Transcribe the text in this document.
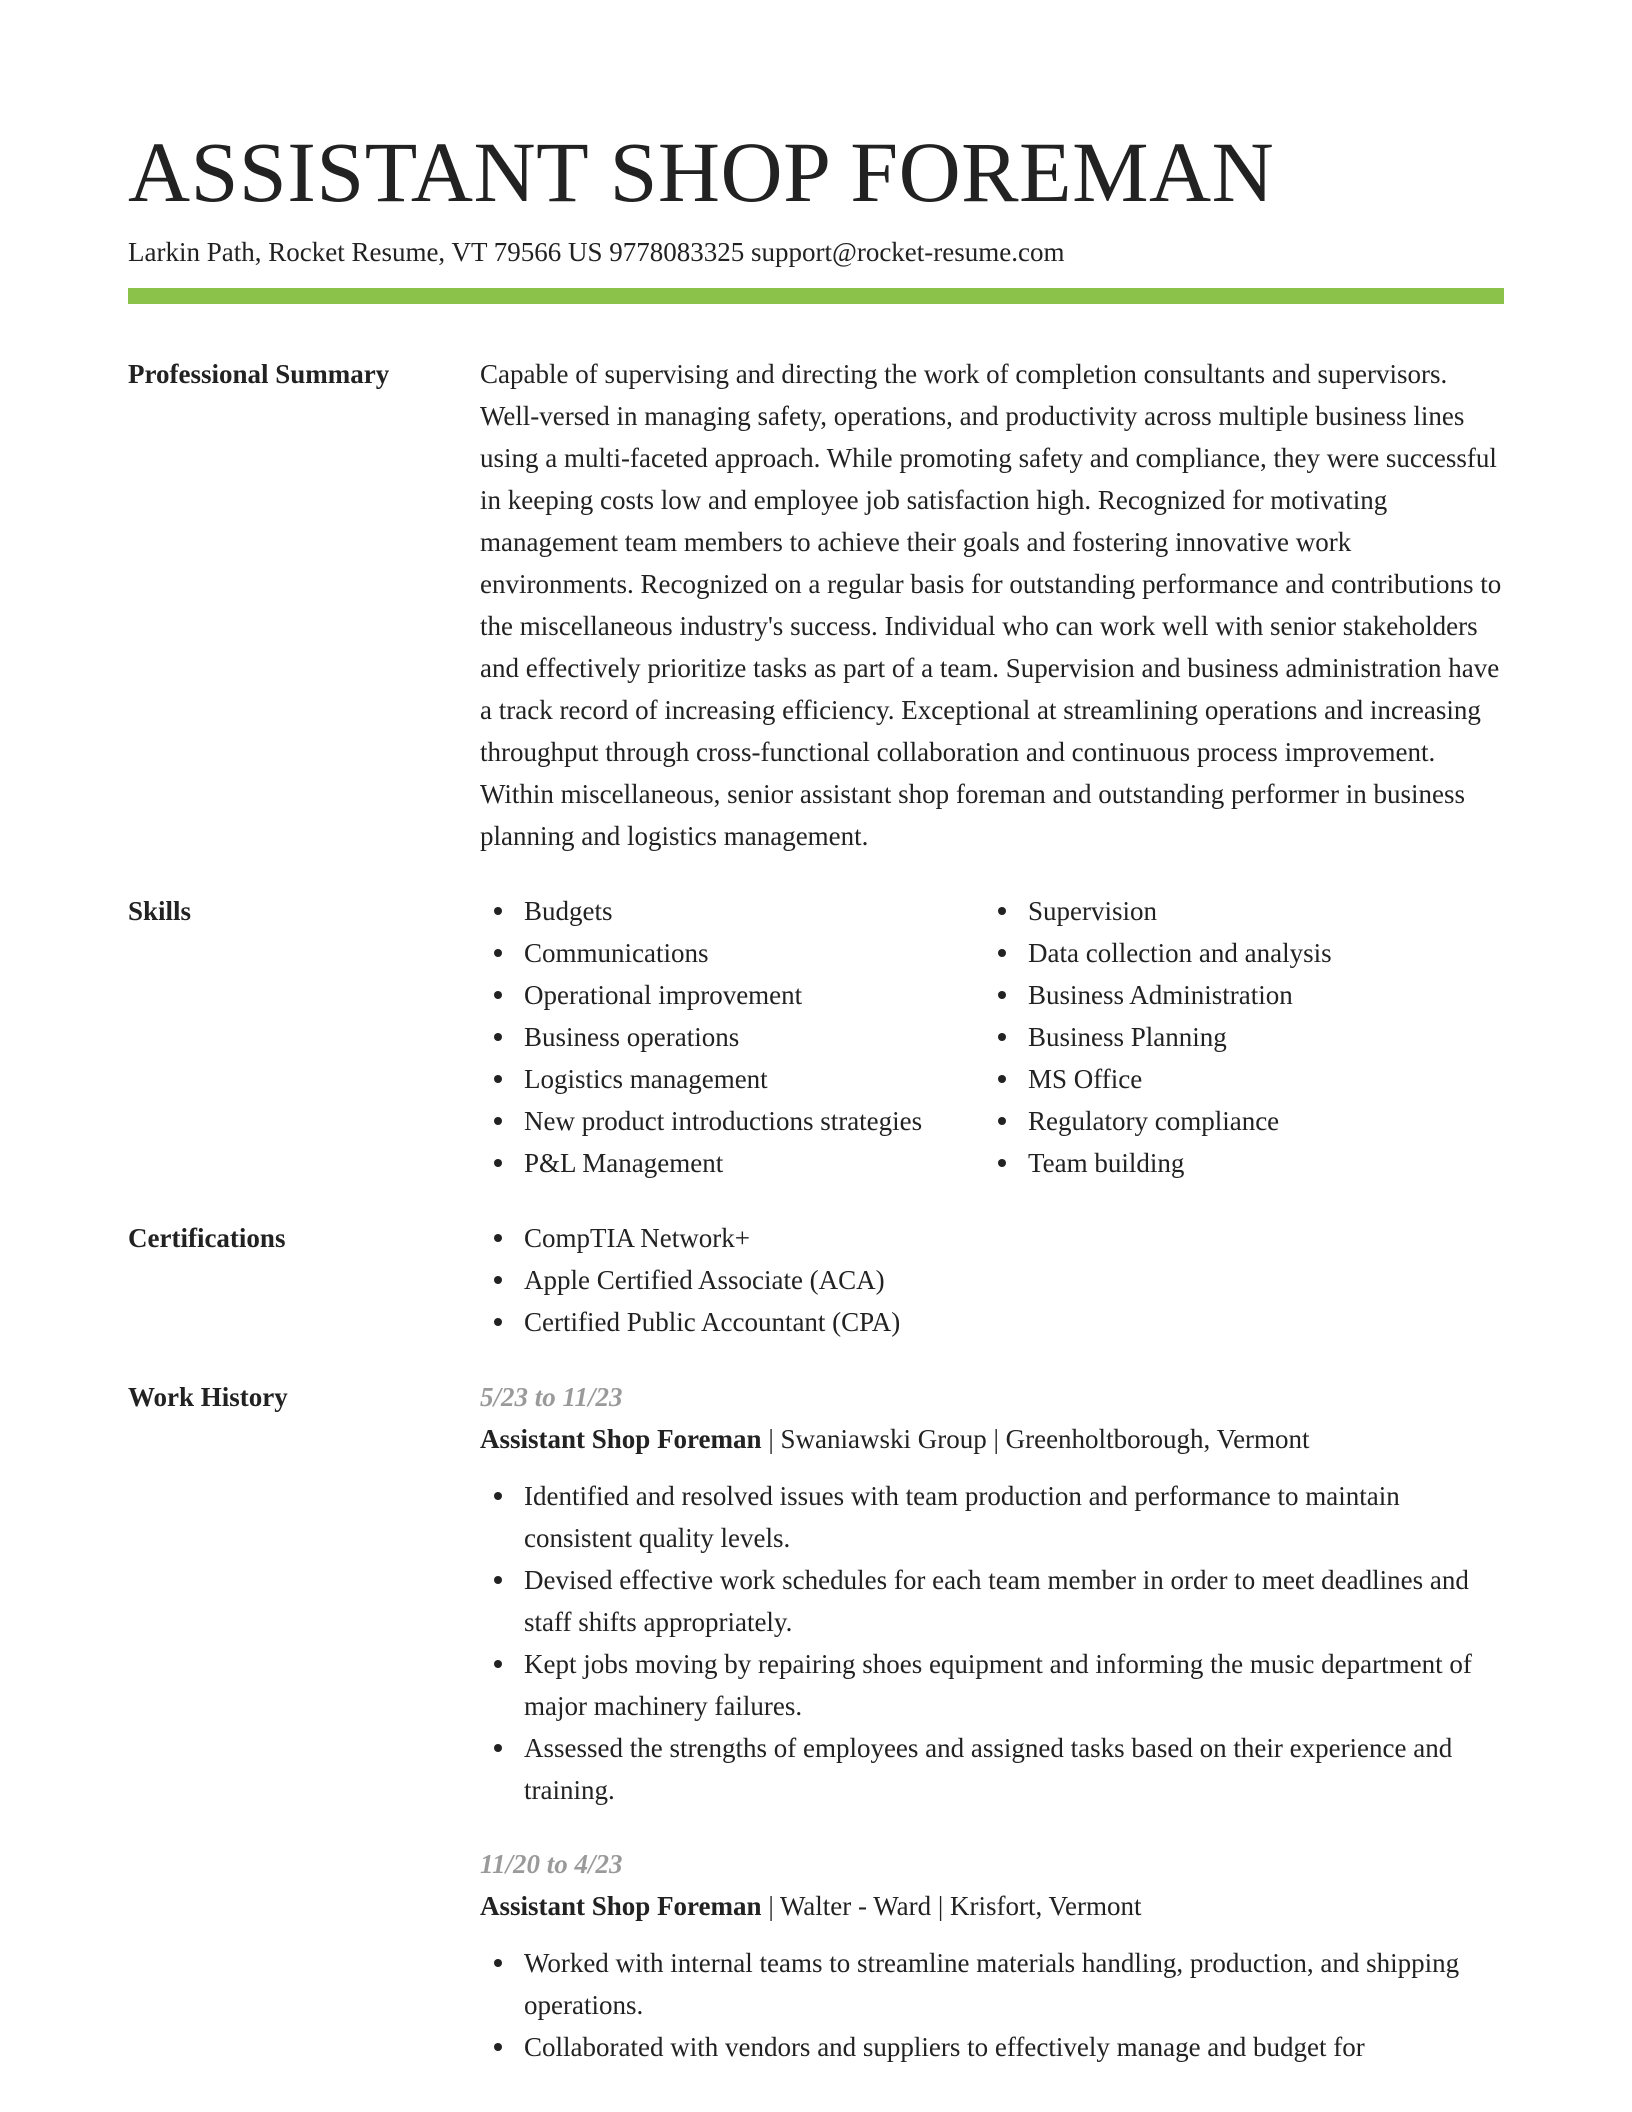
ASSISTANT SHOP FOREMAN
Larkin Path, Rocket Resume, VT 79566 US 9778083325 support@rocket-resume.com
Professional Summary	Capable of supervising and directing the work of completion consultants and supervisors. Well-versed in managing safety, operations, and productivity across multiple business lines using a multi-faceted approach. While promoting safety and compliance, they were successful in keeping costs low and employee job satisfaction high. Recognized for motivating management team members to achieve their goals and fostering innovative work environments. Recognized on a regular basis for outstanding performance and contributions to the miscellaneous industry's success. Individual who can work well with senior stakeholders and effectively prioritize tasks as part of a team. Supervision and business administration have a track record of increasing efficiency. Exceptional at streamlining operations and increasing throughput through cross-functional collaboration and continuous process improvement. Within miscellaneous, senior assistant shop foreman and outstanding performer in business planning and logistics management.
Skills	Budgets
Communications
Operational improvement
Business operations
Logistics management
New product introductions strategies
P&L Management
Supervision
Data collection and analysis
Business Administration
Business Planning
MS Office
Regulatory compliance
Team building
Certifications	CompTIA Network+
Apple Certified Associate (ACA)
Certified Public Accountant (CPA)
Work History	5/23 to 11/23
Assistant Shop Foreman | Swaniawski Group | Greenholtborough, Vermont
Identified and resolved issues with team production and performance to maintain consistent quality levels.
Devised effective work schedules for each team member in order to meet deadlines and staff shifts appropriately.
Kept jobs moving by repairing shoes equipment and informing the music department of major machinery failures.
Assessed the strengths of employees and assigned tasks based on their experience and training.
11/20 to 4/23
Assistant Shop Foreman | Walter - Ward | Krisfort, Vermont
Worked with internal teams to streamline materials handling, production, and shipping operations.
Collaborated with vendors and suppliers to effectively manage and budget for
